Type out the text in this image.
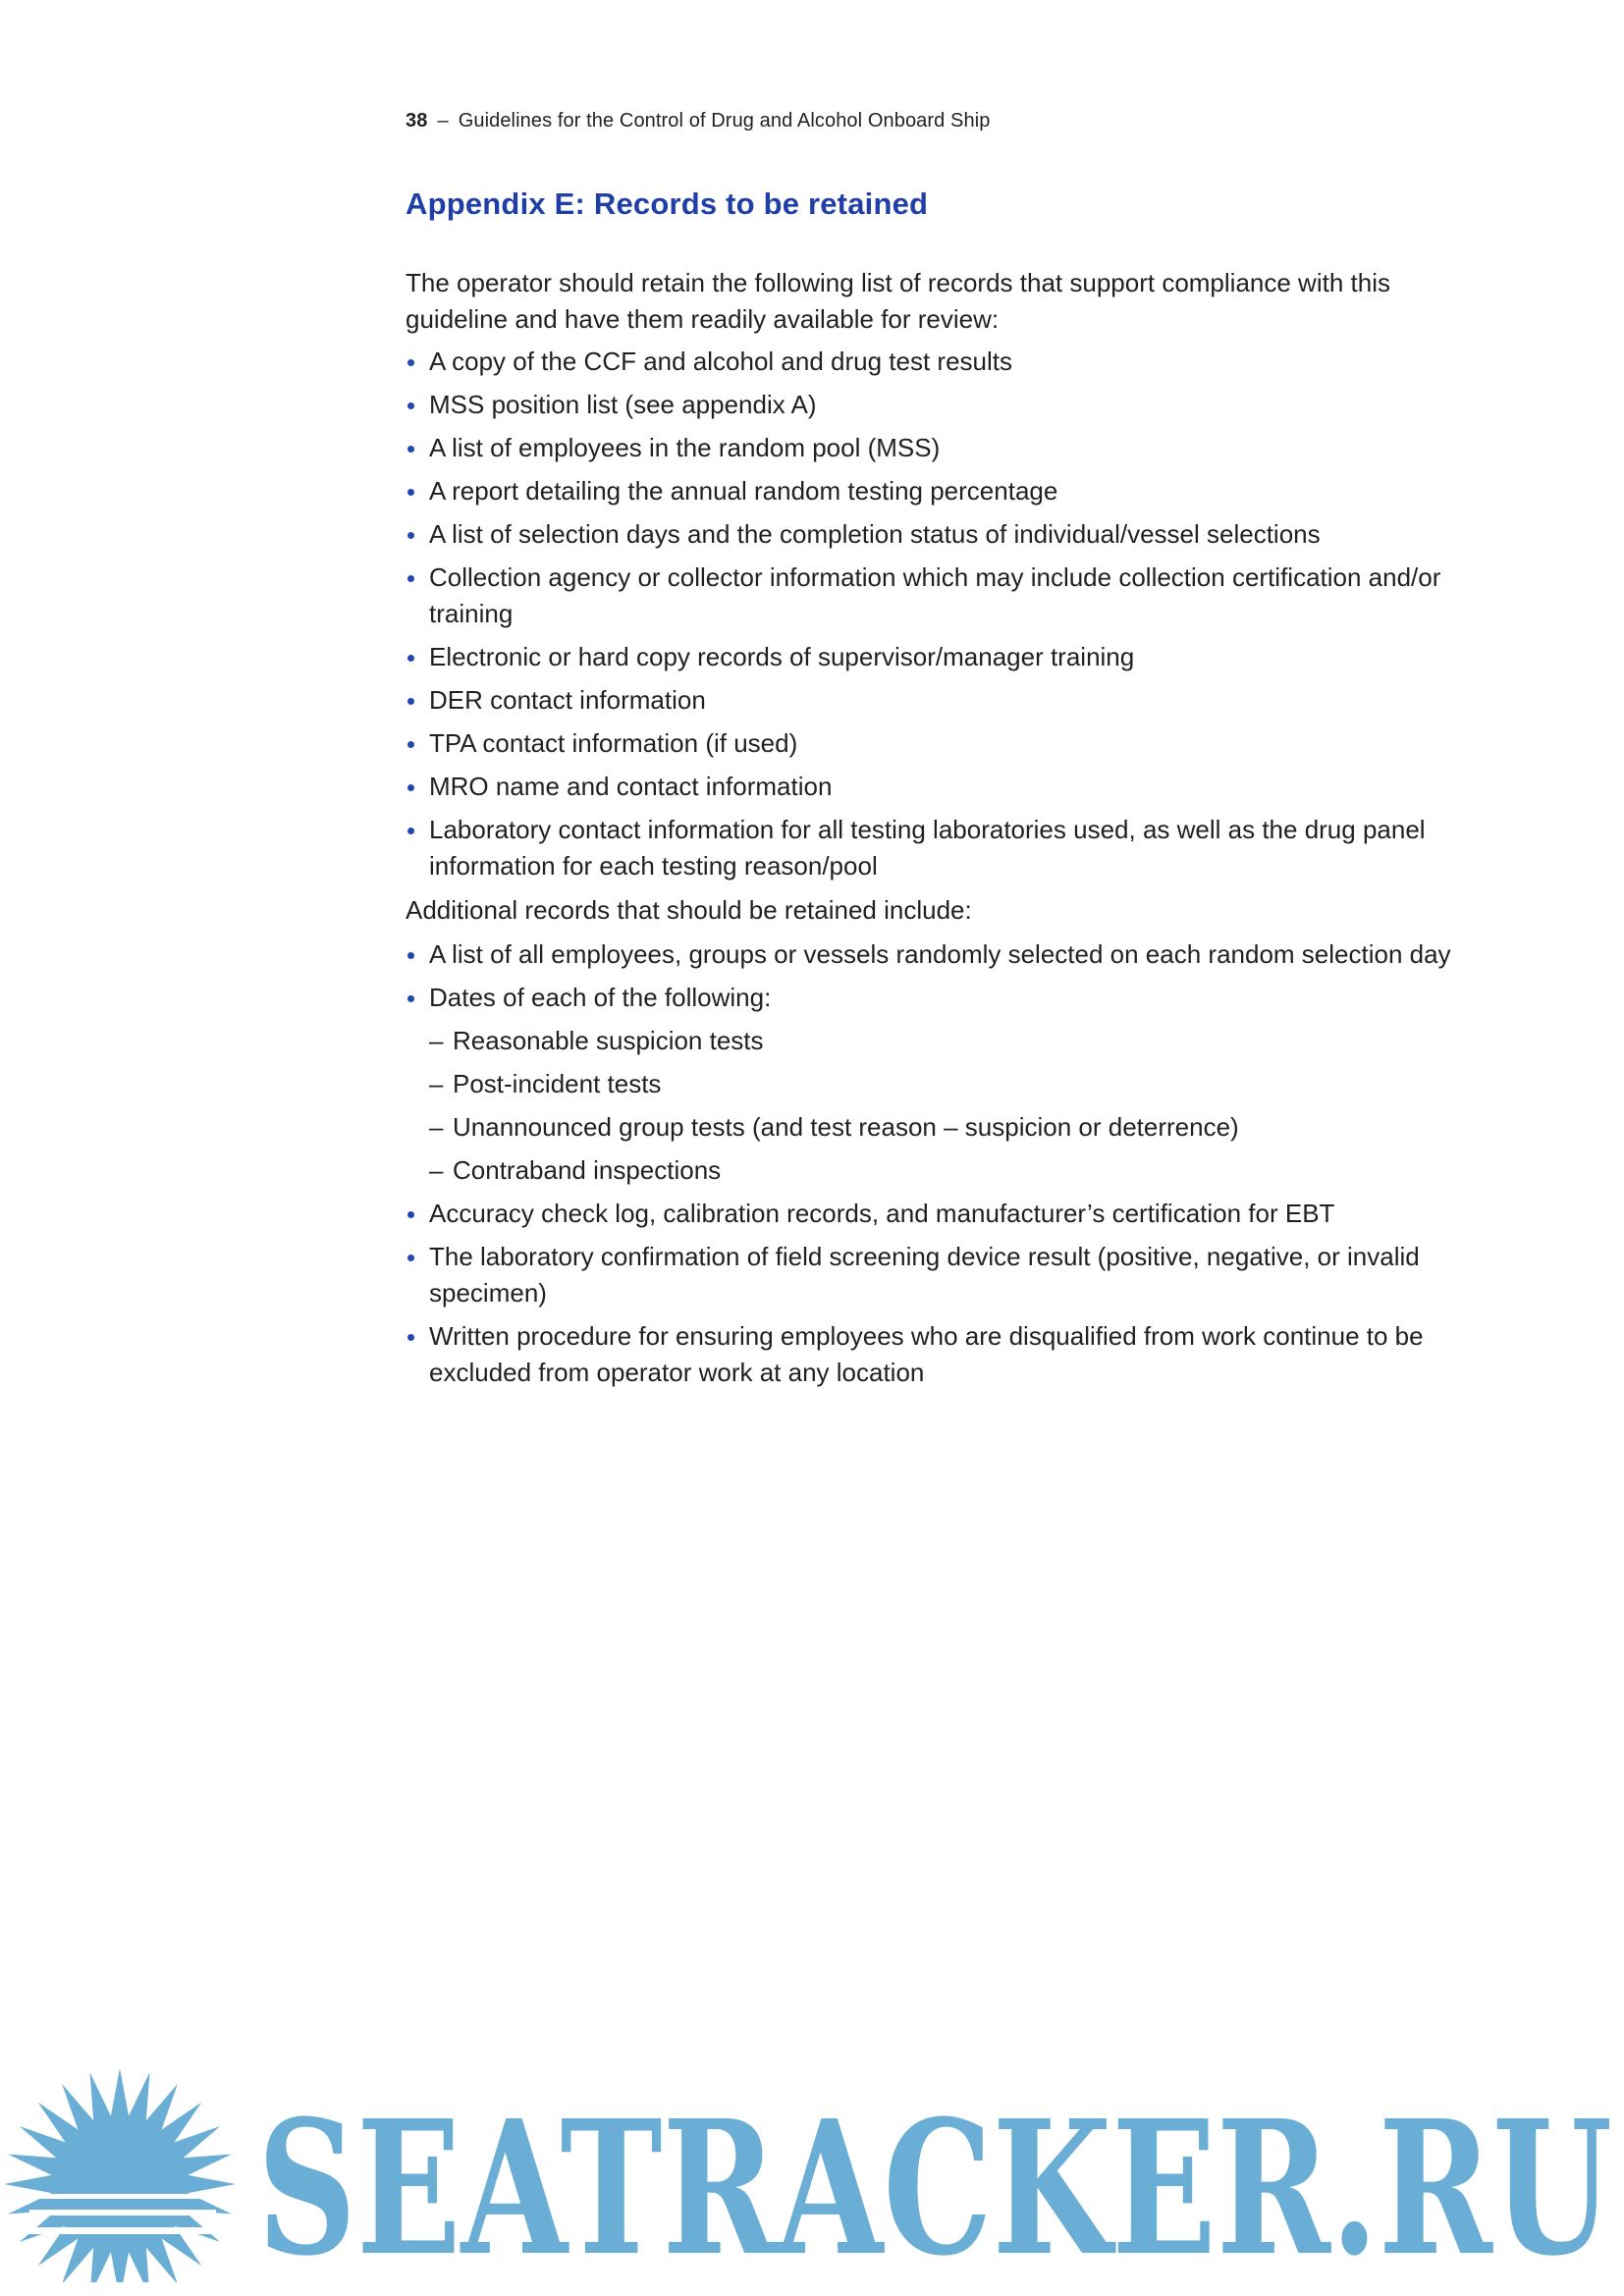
38 – Guidelines for the Control of Drug and Alcohol Onboard Ship
Appendix E: Records to be retained

The operator should retain the following list of records that support compliance with this guideline and have them readily available for review:

A copy of the CCF and alcohol and drug test results
MSS position list (see appendix A)
A list of employees in the random pool (MSS)
A report detailing the annual random testing percentage
A list of selection days and the completion status of individual/vessel selections
Collection agency or collector information which may include collection certification and/or training
Electronic or hard copy records of supervisor/manager training
DER contact information
TPA contact information (if used)
MRO name and contact information
Laboratory contact information for all testing laboratories used, as well as the drug panel information for each testing reason/pool

Additional records that should be retained include:

A list of all employees, groups or vessels randomly selected on each random selection day
Dates of each of the following:
– Reasonable suspicion tests
– Post-incident tests
– Unannounced group tests (and test reason – suspicion or deterrence)
– Contraband inspections
Accuracy check log, calibration records, and manufacturer’s certification for EBT
The laboratory confirmation of field screening device result (positive, negative, or invalid specimen)
Written procedure for ensuring employees who are disqualified from work continue to be excluded from operator work at any location
SEATRACKER.RU
